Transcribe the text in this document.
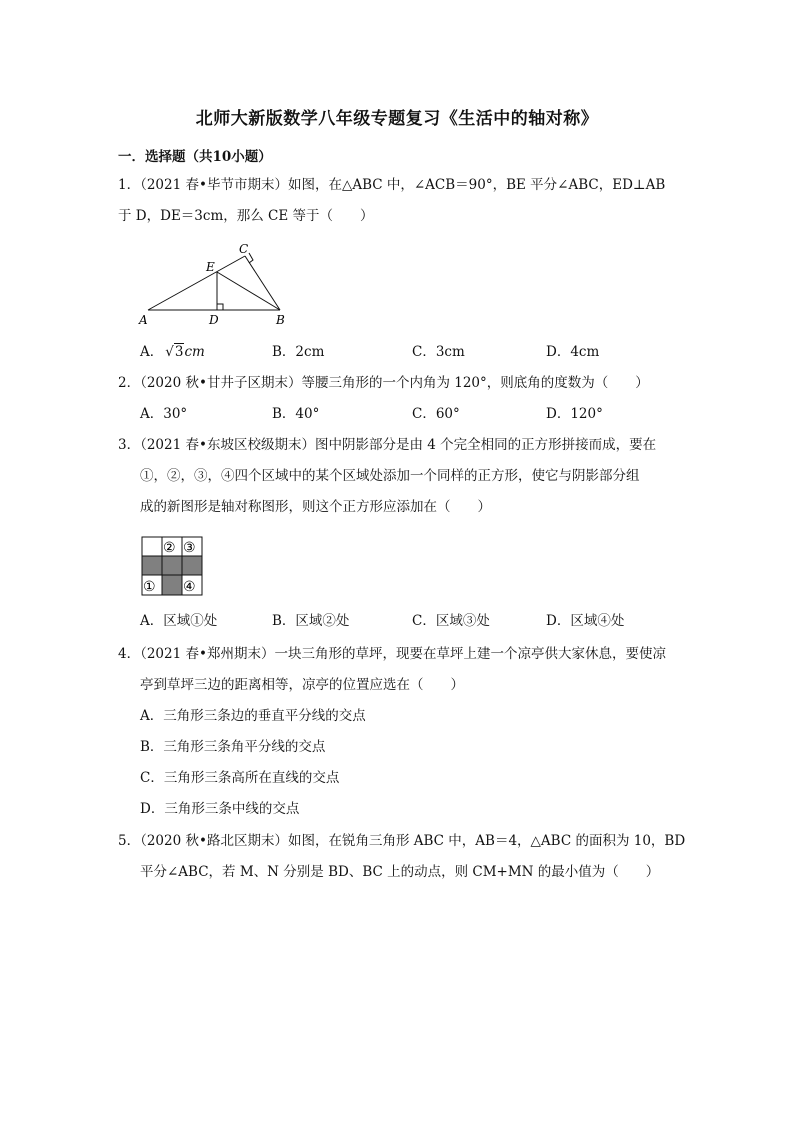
北师大新版数学八年级专题复习《生活中的轴对称》
一．选择题（共10小题）
1．（2021 春•毕节市期末）如图，在△ABC 中，∠ACB＝90°，BE 平分∠ABC，ED⊥AB
于 D，DE＝3cm，那么 CE 等于（　　）
A	B
C
D
E
A． √3cm	B．2cm	C．3cm	D．4cm
2．（2020 秋•甘井子区期末）等腰三角形的一个内角为 120°，则底角的度数为（　　）
A．30°	B．40°	C．60°	D．120°
3．（2021 春•东坡区校级期末）图中阴影部分是由 4 个完全相同的正方形拼接而成，要在
①，②，③，④四个区域中的某个区域处添加一个同样的正方形，使它与阴影部分组
成的新图形是轴对称图形，则这个正方形应添加在（　　）
② ③
① ④
A．区域①处	B．区域②处	C．区域③处	D．区域④处
4．（2021 春•郑州期末）一块三角形的草坪，现要在草坪上建一个凉亭供大家休息，要使凉
亭到草坪三边的距离相等，凉亭的位置应选在（　　）
A．三角形三条边的垂直平分线的交点
B．三角形三条角平分线的交点
C．三角形三条高所在直线的交点
D．三角形三条中线的交点
5．（2020 秋•路北区期末）如图，在锐角三角形 ABC 中，AB＝4，△ABC 的面积为 10，BD
平分∠ABC，若 M、N 分别是 BD、BC 上的动点，则 CM+MN 的最小值为（　　）
